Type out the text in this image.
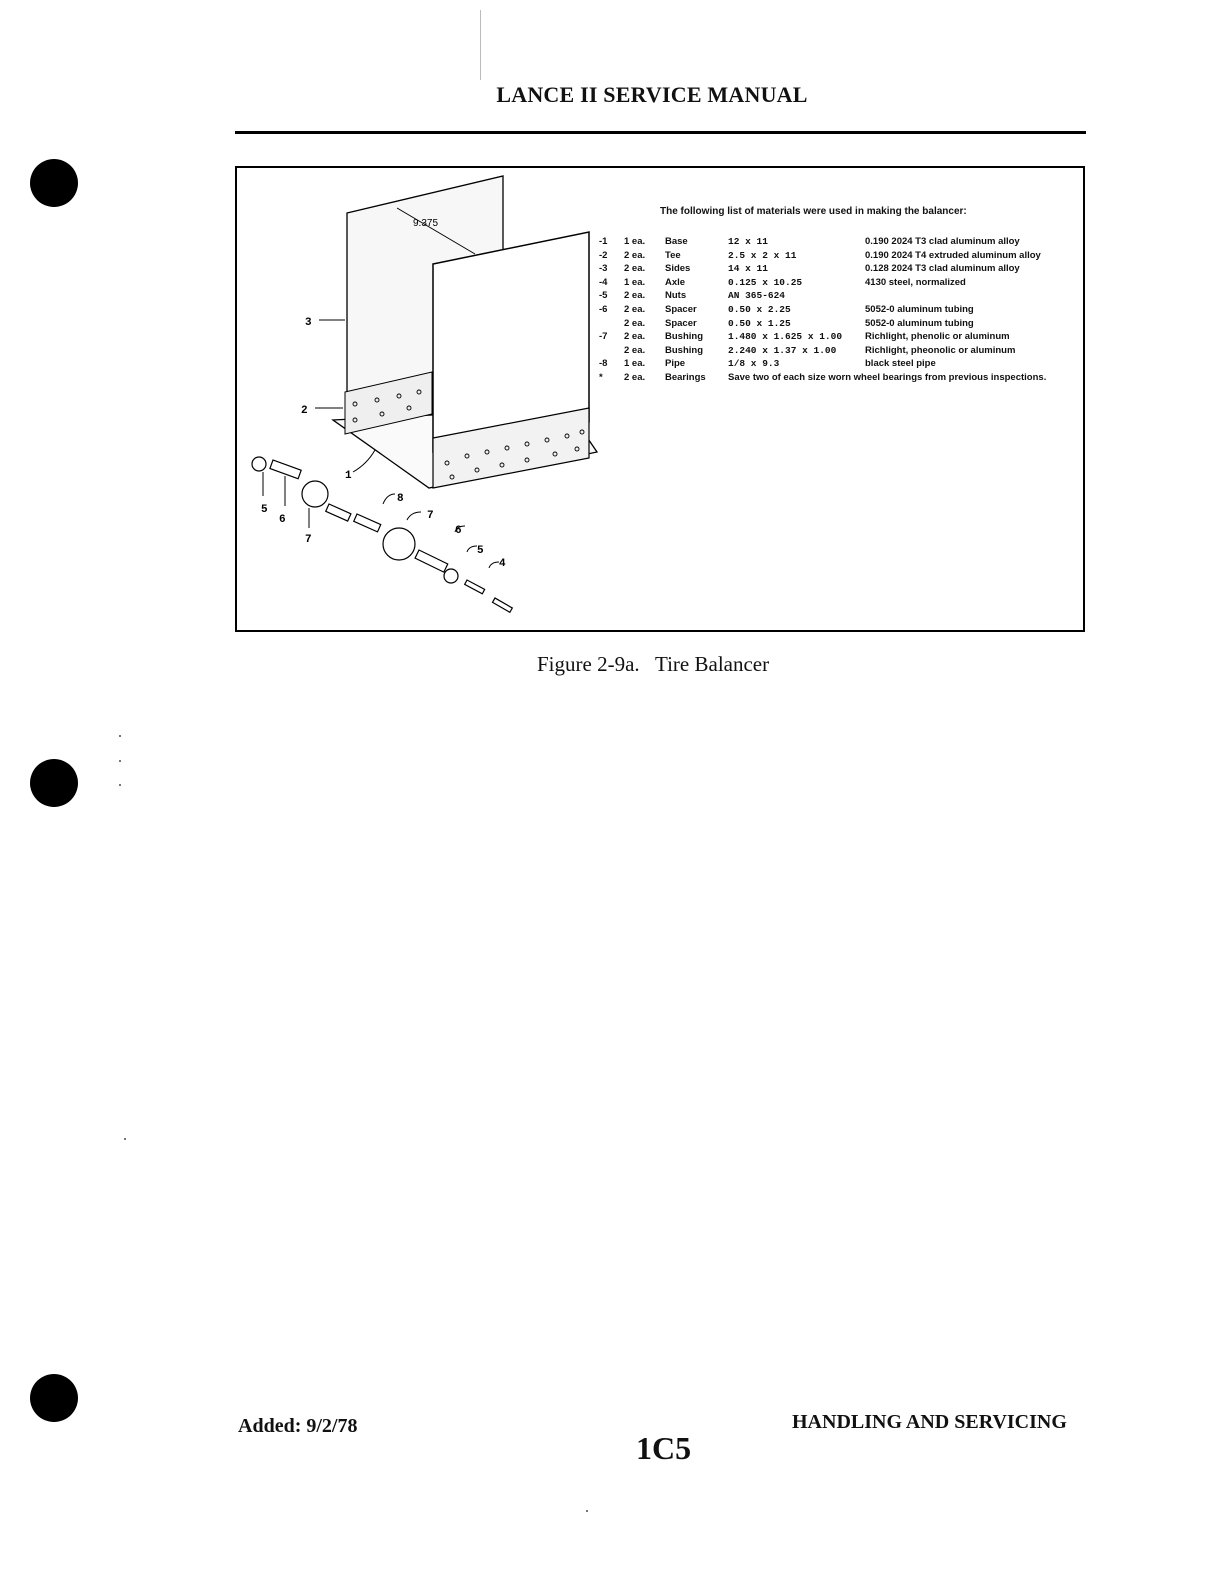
LANCE II SERVICE MANUAL
9.375
3
2
1
5
6
7
8
7
6
5
4
The following list of materials were used in making the balancer:
-1	1 ea.	Base	12 x 11	0.190 2024 T3 clad aluminum alloy
-2	2 ea.	Tee	2.5 x 2 x 11	0.190 2024 T4 extruded aluminum alloy
-3	2 ea.	Sides	14 x 11	0.128 2024 T3 clad aluminum alloy
-4	1 ea.	Axle	0.125 x 10.25	4130 steel, normalized
-5	2 ea.	Nuts	AN 365-624	
-6	2 ea.	Spacer	0.50 x 2.25	5052-0 aluminum tubing
	2 ea.	Spacer	0.50 x 1.25	5052-0 aluminum tubing
-7	2 ea.	Bushing	1.480 x 1.625 x 1.00	Richlight, phenolic or aluminum
	2 ea.	Bushing	2.240 x 1.37 x 1.00	Richlight, pheonolic or aluminum
-8	1 ea.	Pipe	1/8 x 9.3	black steel pipe
*	2 ea.	Bearings	Save two of each size worn wheel bearings from previous inspections.	
Figure 2-9a.   Tire Balancer
Added: 9/2/78
1C5
HANDLING AND SERVICING
